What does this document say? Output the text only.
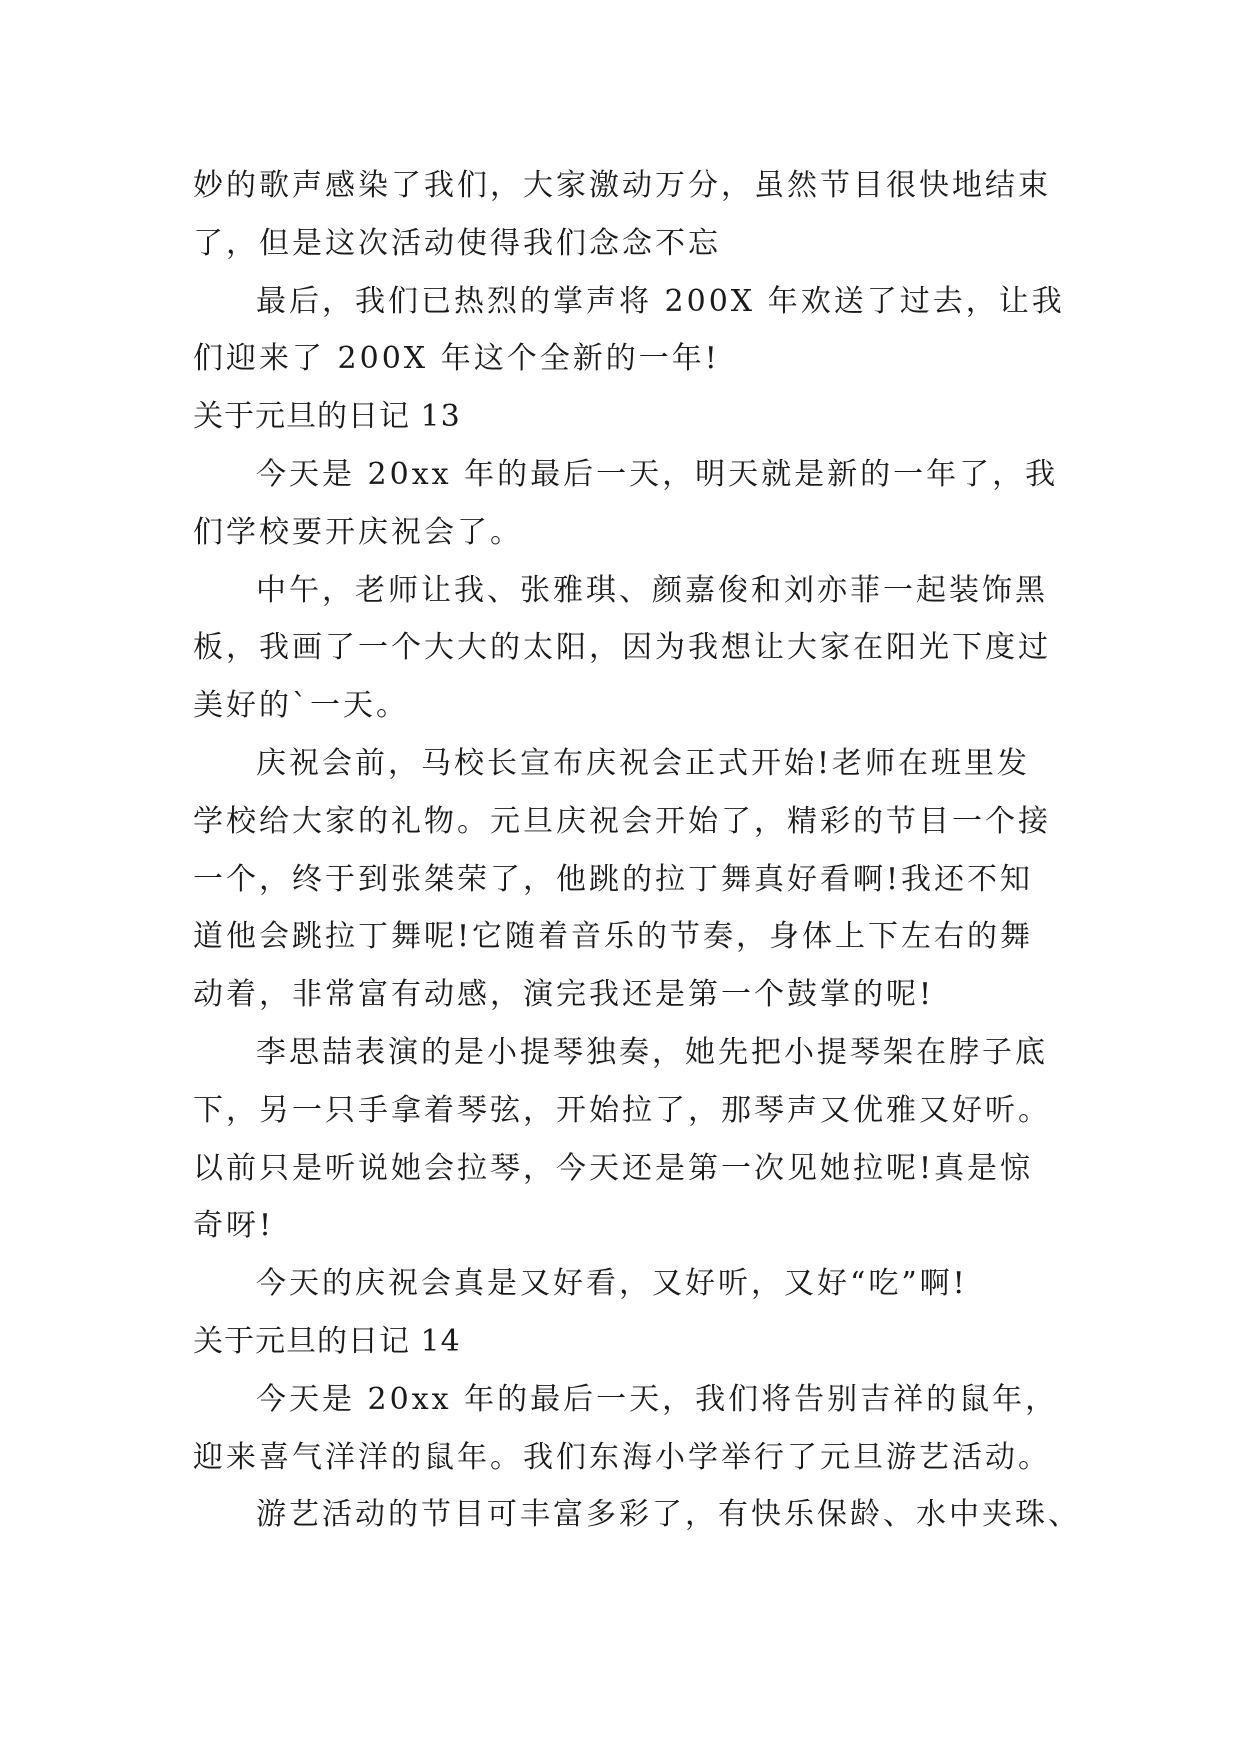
妙的歌声感染了我们，大家激动万分，虽然节目很快地结束
了，但是这次活动使得我们念念不忘
最后，我们已热烈的掌声将 200X 年欢送了过去，让我
们迎来了 200X 年这个全新的一年!
关于元旦的日记 13
今天是 20xx 年的最后一天，明天就是新的一年了，我
们学校要开庆祝会了。
中午，老师让我、张雅琪、颜嘉俊和刘亦菲一起装饰黑
板，我画了一个大大的太阳，因为我想让大家在阳光下度过
美好的`一天。
庆祝会前，马校长宣布庆祝会正式开始!老师在班里发
学校给大家的礼物。元旦庆祝会开始了，精彩的节目一个接
一个，终于到张桀荣了，他跳的拉丁舞真好看啊!我还不知
道他会跳拉丁舞呢!它随着音乐的节奏，身体上下左右的舞
动着，非常富有动感，演完我还是第一个鼓掌的呢!
李思喆表演的是小提琴独奏，她先把小提琴架在脖子底
下，另一只手拿着琴弦，开始拉了，那琴声又优雅又好听。
以前只是听说她会拉琴，今天还是第一次见她拉呢!真是惊
奇呀!
今天的庆祝会真是又好看，又好听，又好“吃”啊!
关于元旦的日记 14
今天是 20xx 年的最后一天，我们将告别吉祥的鼠年，
迎来喜气洋洋的鼠年。我们东海小学举行了元旦游艺活动。
游艺活动的节目可丰富多彩了，有快乐保龄、水中夹珠、
